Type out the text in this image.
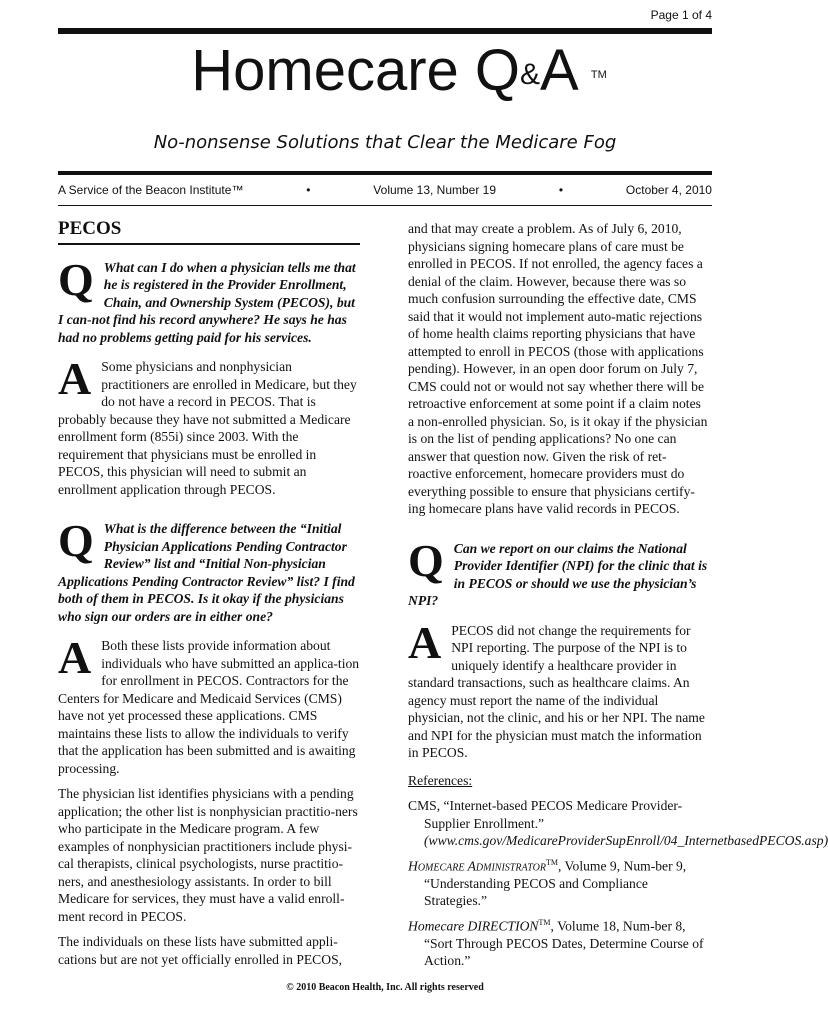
Page 1 of 4
Homecare Q&A TM
No-nonsense Solutions that Clear the Medicare Fog
A Service of the Beacon Institute™	•	Volume 13, Number 19	•	October 4, 2010
PECOS

Q What can I do when a physician tells me that he is registered in the Provider Enrollment, Chain, and Ownership System (PECOS), but I can-not find his record anywhere? He says he has had no problems getting paid for his services.

A Some physicians and nonphysician practitioners are enrolled in Medicare, but they do not have a record in PECOS. That is probably because they have not submitted a Medicare enrollment form (855i) since 2003. With the requirement that physicians must be enrolled in PECOS, this physician will need to submit an enrollment application through PECOS.

Q What is the difference between the “Initial Physician Applications Pending Contractor Review” list and “Initial Non-physician Applications Pending Contractor Review” list? I find both of them in PECOS. Is it okay if the physicians who sign our orders are in either one?

A Both these lists provide information about individuals who have submitted an applica-tion for enrollment in PECOS. Contractors for the Centers for Medicare and Medicaid Services (CMS) have not yet processed these applications. CMS maintains these lists to allow the individuals to verify that the application has been submitted and is awaiting processing.

The physician list identifies physicians with a pending application; the other list is nonphysician practitio-ners who participate in the Medicare program. A few examples of nonphysician practitioners include physi-cal therapists, clinical psychologists, nurse practitio-ners, and anesthesiology assistants. In order to bill Medicare for services, they must have a valid enroll-ment record in PECOS.

The individuals on these lists have submitted appli-cations but are not yet officially enrolled in PECOS,

and that may create a problem. As of July 6, 2010, physicians signing homecare plans of care must be enrolled in PECOS. If not enrolled, the agency faces a denial of the claim. However, because there was so much confusion surrounding the effective date, CMS said that it would not implement auto-matic rejections of home health claims reporting physicians that have attempted to enroll in PECOS (those with applications pending). However, in an open door forum on July 7, CMS could not or would not say whether there will be retroactive enforcement at some point if a claim notes a non-enrolled physician. So, is it okay if the physician is on the list of pending applications? No one can answer that question now. Given the risk of ret-roactive enforcement, homecare providers must do everything possible to ensure that physicians certify-ing homecare plans have valid records in PECOS.

Q Can we report on our claims the National Provider Identifier (NPI) for the clinic that is in PECOS or should we use the physician’s NPI?

APECOS did not change the requirements for NPI reporting. The purpose of the NPI is to uniquely identify a healthcare provider in standard transactions, such as healthcare claims. An agency must report the name of the individual physician, not the clinic, and his or her NPI. The name and NPI for the physician must match the information in PECOS.

References:

CMS, “Internet-based PECOS Medicare Provider-Supplier Enrollment.” (www.cms.gov/MedicareProviderSupEnroll/04_InternetbasedPECOS.asp)

Homecare Administrator™, Volume 9, Num-ber 9, “Understanding PECOS and Compliance Strategies.”

Homecare DIRECTION™, Volume 18, Num-ber 8, “Sort Through PECOS Dates, Determine Course of Action.”

© 2010 Beacon Health, Inc. All rights reserved
